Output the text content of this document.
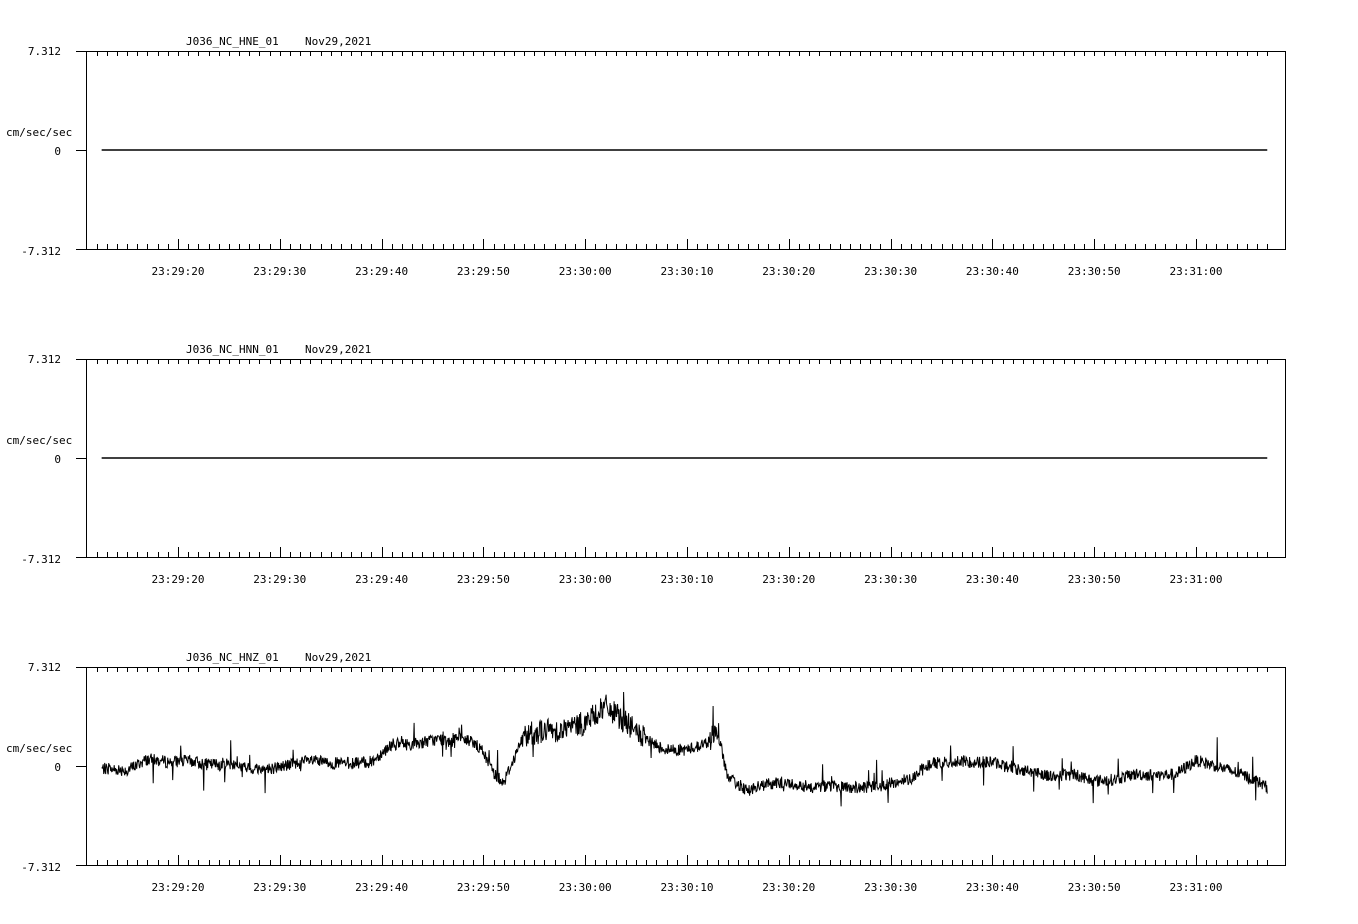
J036_NC_HNE_01 Nov29,2021
7.312
cm/sec/sec
0
-7.312
23:29:20	23:29:30	23:29:40	23:29:50	23:30:00	23:30:10	23:30:20	23:30:30	23:30:40	23:30:50	23:31:00
J036_NC_HNN_01 Nov29,2021
7.312
cm/sec/sec
0
-7.312
23:29:20	23:29:30	23:29:40	23:29:50	23:30:00	23:30:10	23:30:20	23:30:30	23:30:40	23:30:50	23:31:00
J036_NC_HNZ_01 Nov29,2021
7.312
cm/sec/sec
0
-7.312
23:29:20	23:29:30	23:29:40	23:29:50	23:30:00	23:30:10	23:30:20	23:30:30	23:30:40	23:30:50	23:31:00
